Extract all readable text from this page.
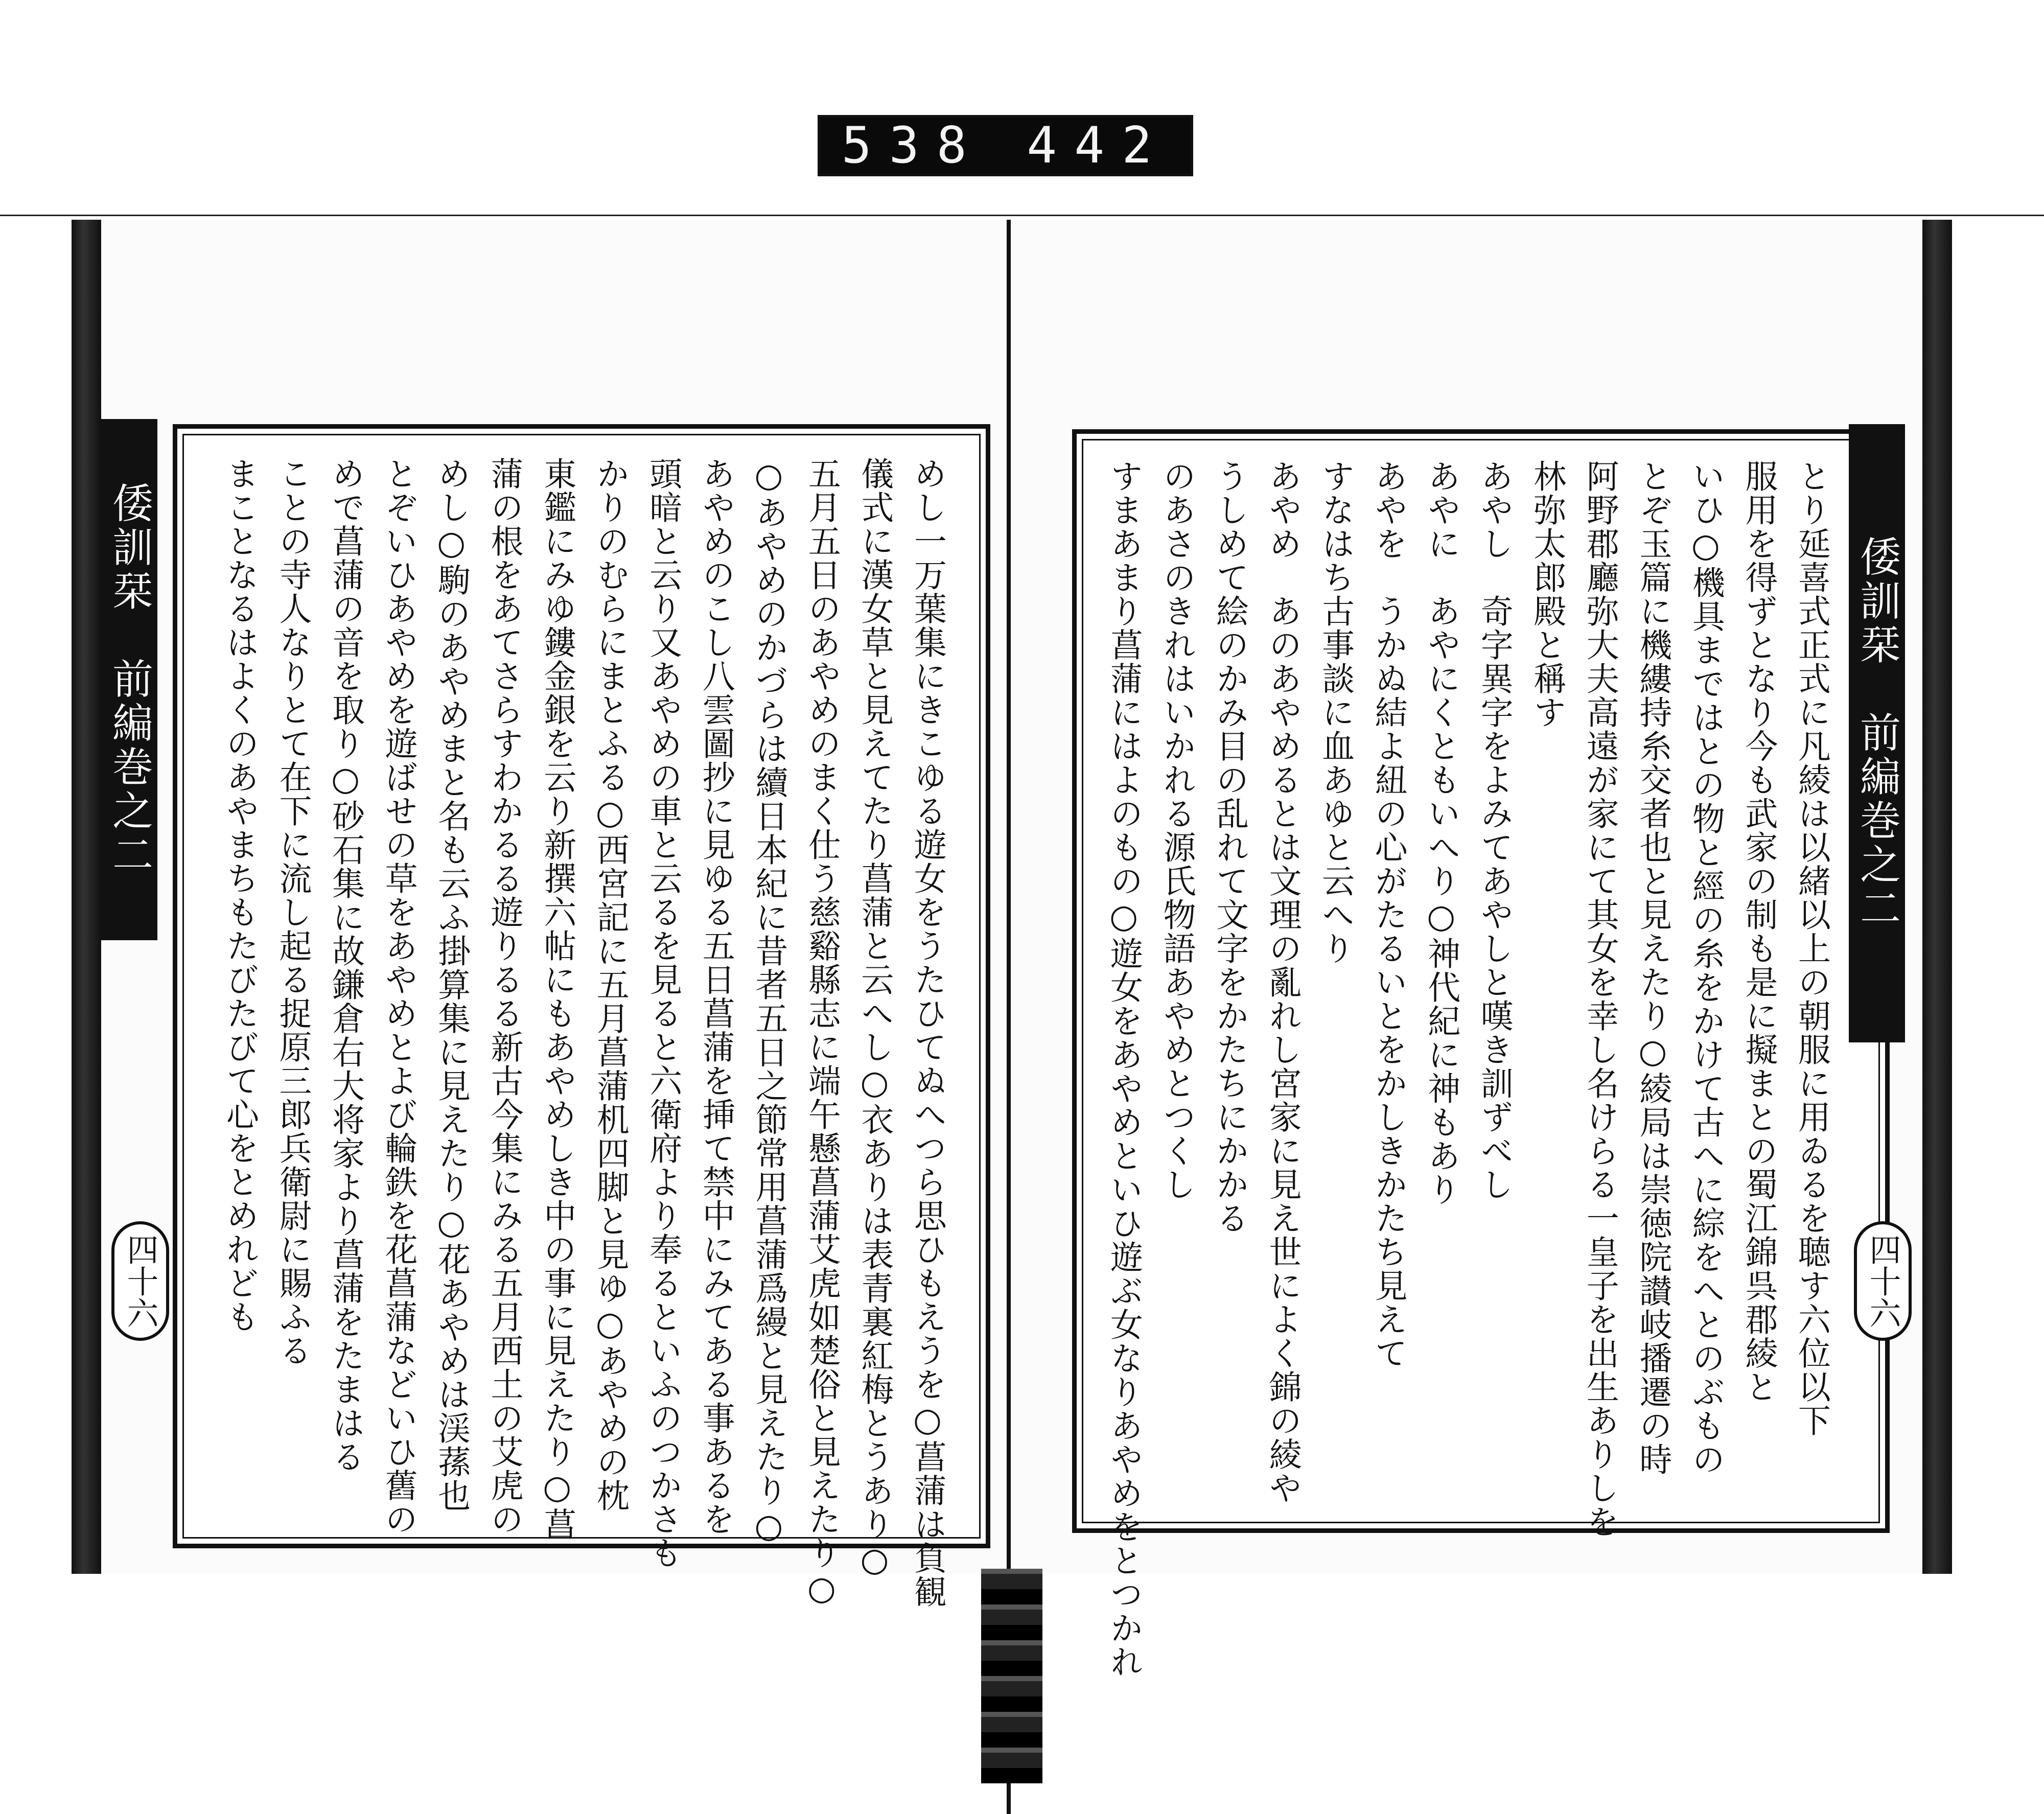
538 442
倭訓栞　前編巻之二
四十六	めし一万葉集にきこゆる遊女をうたひてぬへつら思ひもえうを○菖蒲は負観
儀式に漢女草と見えてたり菖蒲と云へし○衣ありは表青裏紅梅とうあり○
五月五日のあやめのまく仕う慈谿縣志に端午懸菖蒲艾虎如楚俗と見えたり○
○あやめのかづらは續日本紀に昔者五日之節常用菖蒲爲縵と見えたり○
あやめのこし八雲圖抄に見ゆる五日菖蒲を挿て禁中にみてある事あるを
頭暗と云り又あやめの車と云るを見ると六衛府より奉るといふのつかさも
かりのむらにまとふる○西宮記に五月菖蒲机四脚と見ゆ○あやめの枕
東鑑にみゆ鏤金銀を云り新撰六帖にもあやめしき中の事に見えたり○菖
蒲の根をあてさらすわかるる遊りるる新古今集にみる五月西土の艾虎の
めし○駒のあやめまと名も云ふ掛算集に見えたり○花あやめは渓蓀也
とぞいひあやめを遊ばせの草をあやめとよび輪鉄を花菖蒲などいひ舊の
めで菖蒲の音を取り○砂石集に故鎌倉右大将家より菖蒲をたまはる
ことの寺人なりとて在下に流し起る捉原三郎兵衛尉に賜ふる
まことなるはよくのあやまちもたびたびて心をとめれども	とり延喜式正式に凡綾は以緒以上の朝服に用ゐるを聴す六位以下
服用を得ずとなり今も武家の制も是に擬まとの蜀江錦呉郡綾と
いひ○機具まではとの物と經の糸をかけて古へに綜をへとのぶもの
とぞ玉篇に機縷持糸交者也と見えたり○綾局は崇徳院讃岐播遷の時
阿野郡廳弥大夫高遠が家にて其女を幸し名けらる一皇子を出生ありしを
林弥太郎殿と稱す
あやし　奇字異字をよみてあやしと嘆き訓ずべし
あやに　あやにくともいへり○神代紀に神もあり
あやを　うかぬ結よ紐の心がたるいとをかしきかたち見えて
すなはち古事談に血あゆと云へり
あやめ　あのあやめるとは文理の亂れし宮家に見え世によく錦の綾や
うしめて絵のかみ目の乱れて文字をかたちにかかる
のあさのきれはいかれる源氏物語あやめとつくし
すまあまり菖蒲にはよのもの○遊女をあやめといひ遊ぶ女なりあやめをとつかれ	倭訓栞　前編巻之二
四十六
